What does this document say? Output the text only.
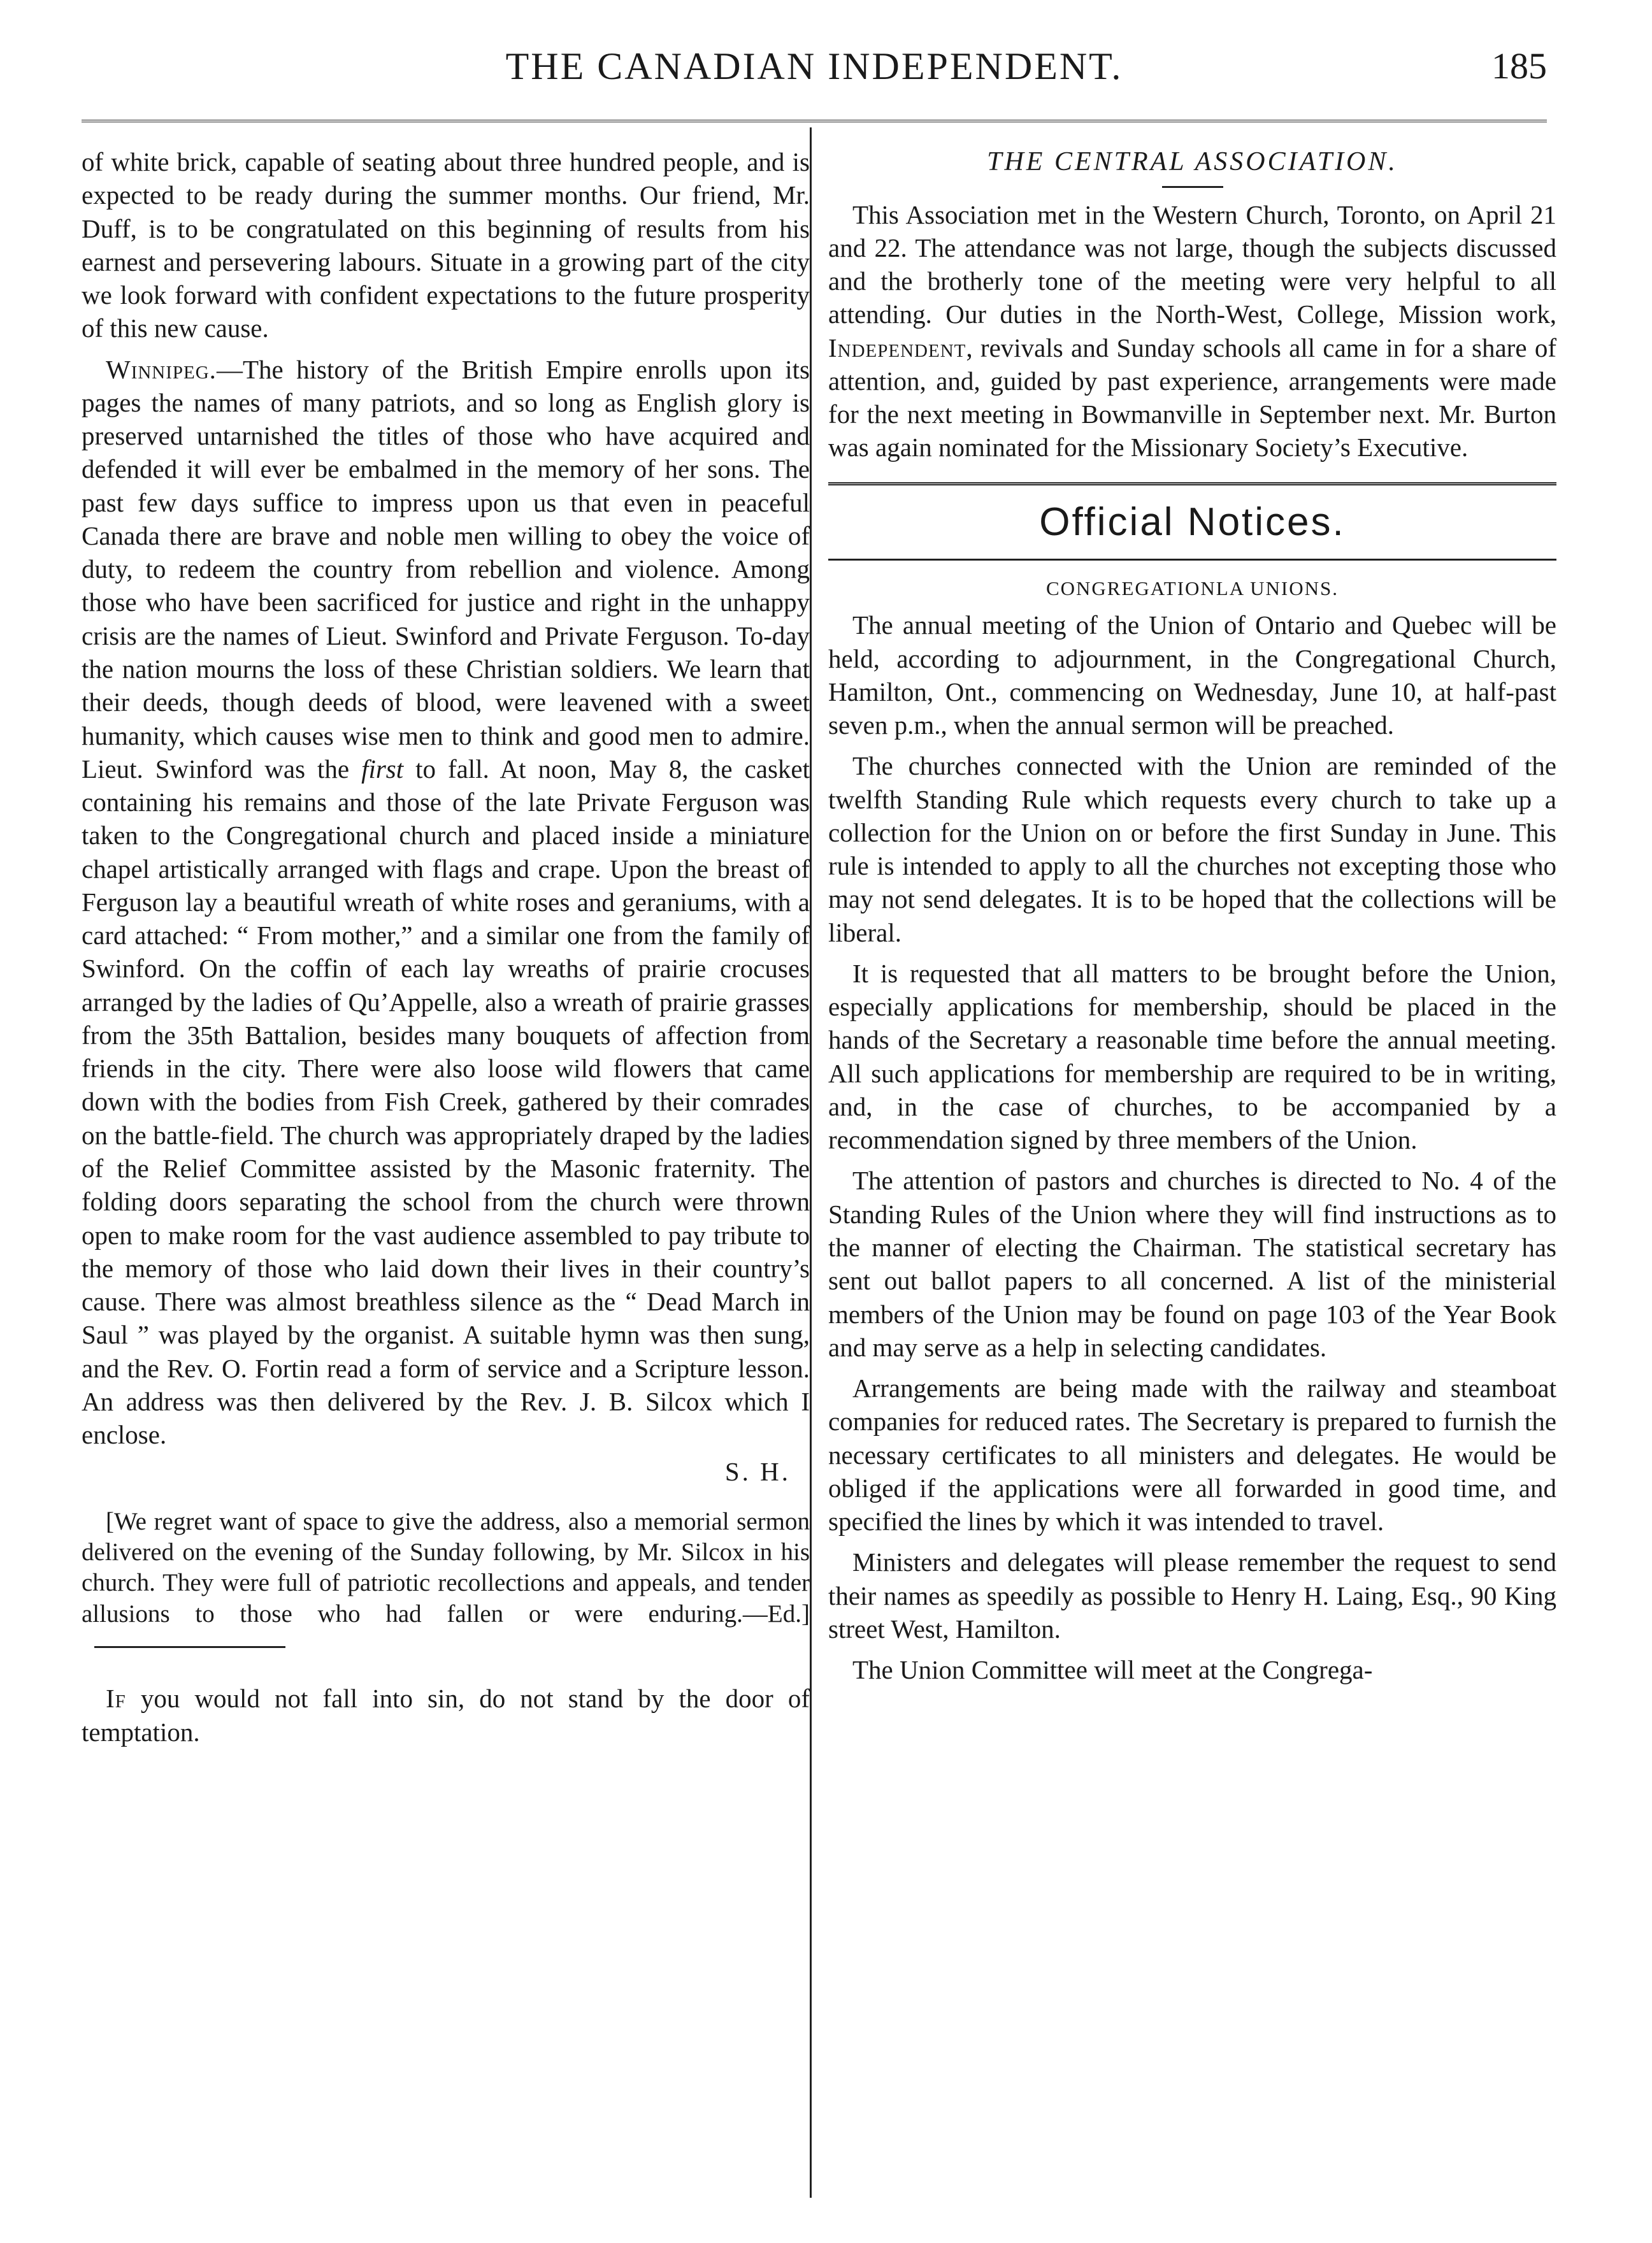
THE CANADIAN INDEPENDENT.	185

of white brick, capable of seating about three hundred people, and is expected to be ready during the summer months. Our friend, Mr. Duff, is to be congratulated on this beginning of results from his earnest and persevering labours. Situate in a growing part of the city we look forward with confident expectations to the future prosperity of this new cause.

Winnipeg.—The history of the British Empire enrolls upon its pages the names of many patriots, and so long as English glory is preserved untarnished the titles of those who have acquired and defended it will ever be embalmed in the memory of her sons. The past few days suffice to impress upon us that even in peaceful Canada there are brave and noble men willing to obey the voice of duty, to redeem the country from rebellion and violence. Among those who have been sacrificed for justice and right in the unhappy crisis are the names of Lieut. Swinford and Private Ferguson. To-day the nation mourns the loss of these Christian soldiers. We learn that their deeds, though deeds of blood, were leavened with a sweet humanity, which causes wise men to think and good men to admire. Lieut. Swinford was the first to fall. At noon, May 8, the casket containing his remains and those of the late Private Ferguson was taken to the Congregational church and placed inside a miniature chapel artistically arranged with flags and crape. Upon the breast of Ferguson lay a beautiful wreath of white roses and geraniums, with a card attached: “ From mother,” and a similar one from the family of Swinford. On the coffin of each lay wreaths of prairie crocuses arranged by the ladies of Qu’Appelle, also a wreath of prairie grasses from the 35th Battalion, besides many bouquets of affection from friends in the city. There were also loose wild flowers that came down with the bodies from Fish Creek, gathered by their comrades on the battle-field. The church was appropriately draped by the ladies of the Relief Committee assisted by the Masonic fraternity. The folding doors separating the school from the church were thrown open to make room for the vast audience assembled to pay tribute to the memory of those who laid down their lives in their country’s cause. There was almost breathless silence as the “ Dead March in Saul ” was played by the organist. A suitable hymn was then sung, and the Rev. O. Fortin read a form of service and a Scripture lesson. An address was then delivered by the Rev. J. B. Silcox which I enclose.

S. H.

[We regret want of space to give the address, also a memorial sermon delivered on the evening of the Sunday following, by Mr. Silcox in his church. They were full of patriotic recollections and appeals, and tender allusions to those who had fallen or were enduring.—Ed.]

If you would not fall into sin, do not stand by the door of temptation.

THE CENTRAL ASSOCIATION.

This Association met in the Western Church, Toronto, on April 21 and 22. The attendance was not large, though the subjects discussed and the brotherly tone of the meeting were very helpful to all attending. Our duties in the North-West, College, Mission work, Independent, revivals and Sunday schools all came in for a share of attention, and, guided by past experience, arrangements were made for the next meeting in Bowmanville in September next. Mr. Burton was again nominated for the Missionary Society’s Executive.

Official Notices.
CONGREGATIONLA UNIONS.

The annual meeting of the Union of Ontario and Quebec will be held, according to adjournment, in the Congregational Church, Hamilton, Ont., commencing on Wednesday, June 10, at half-past seven p.m., when the annual sermon will be preached.

The churches connected with the Union are reminded of the twelfth Standing Rule which requests every church to take up a collection for the Union on or before the first Sunday in June. This rule is intended to apply to all the churches not excepting those who may not send delegates. It is to be hoped that the collections will be liberal.

It is requested that all matters to be brought before the Union, especially applications for membership, should be placed in the hands of the Secretary a reasonable time before the annual meeting. All such applications for membership are required to be in writing, and, in the case of churches, to be accompanied by a recommendation signed by three members of the Union.

The attention of pastors and churches is directed to No. 4 of the Standing Rules of the Union where they will find instructions as to the manner of electing the Chairman. The statistical secretary has sent out ballot papers to all concerned. A list of the ministerial members of the Union may be found on page 103 of the Year Book and may serve as a help in selecting candidates.

Arrangements are being made with the railway and steamboat companies for reduced rates. The Secretary is prepared to furnish the necessary certificates to all ministers and delegates. He would be obliged if the applications were all forwarded in good time, and specified the lines by which it was intended to travel.

Ministers and delegates will please remember the request to send their names as speedily as possible to Henry H. Laing, Esq., 90 King street West, Hamilton.

The Union Committee will meet at the Congrega-
